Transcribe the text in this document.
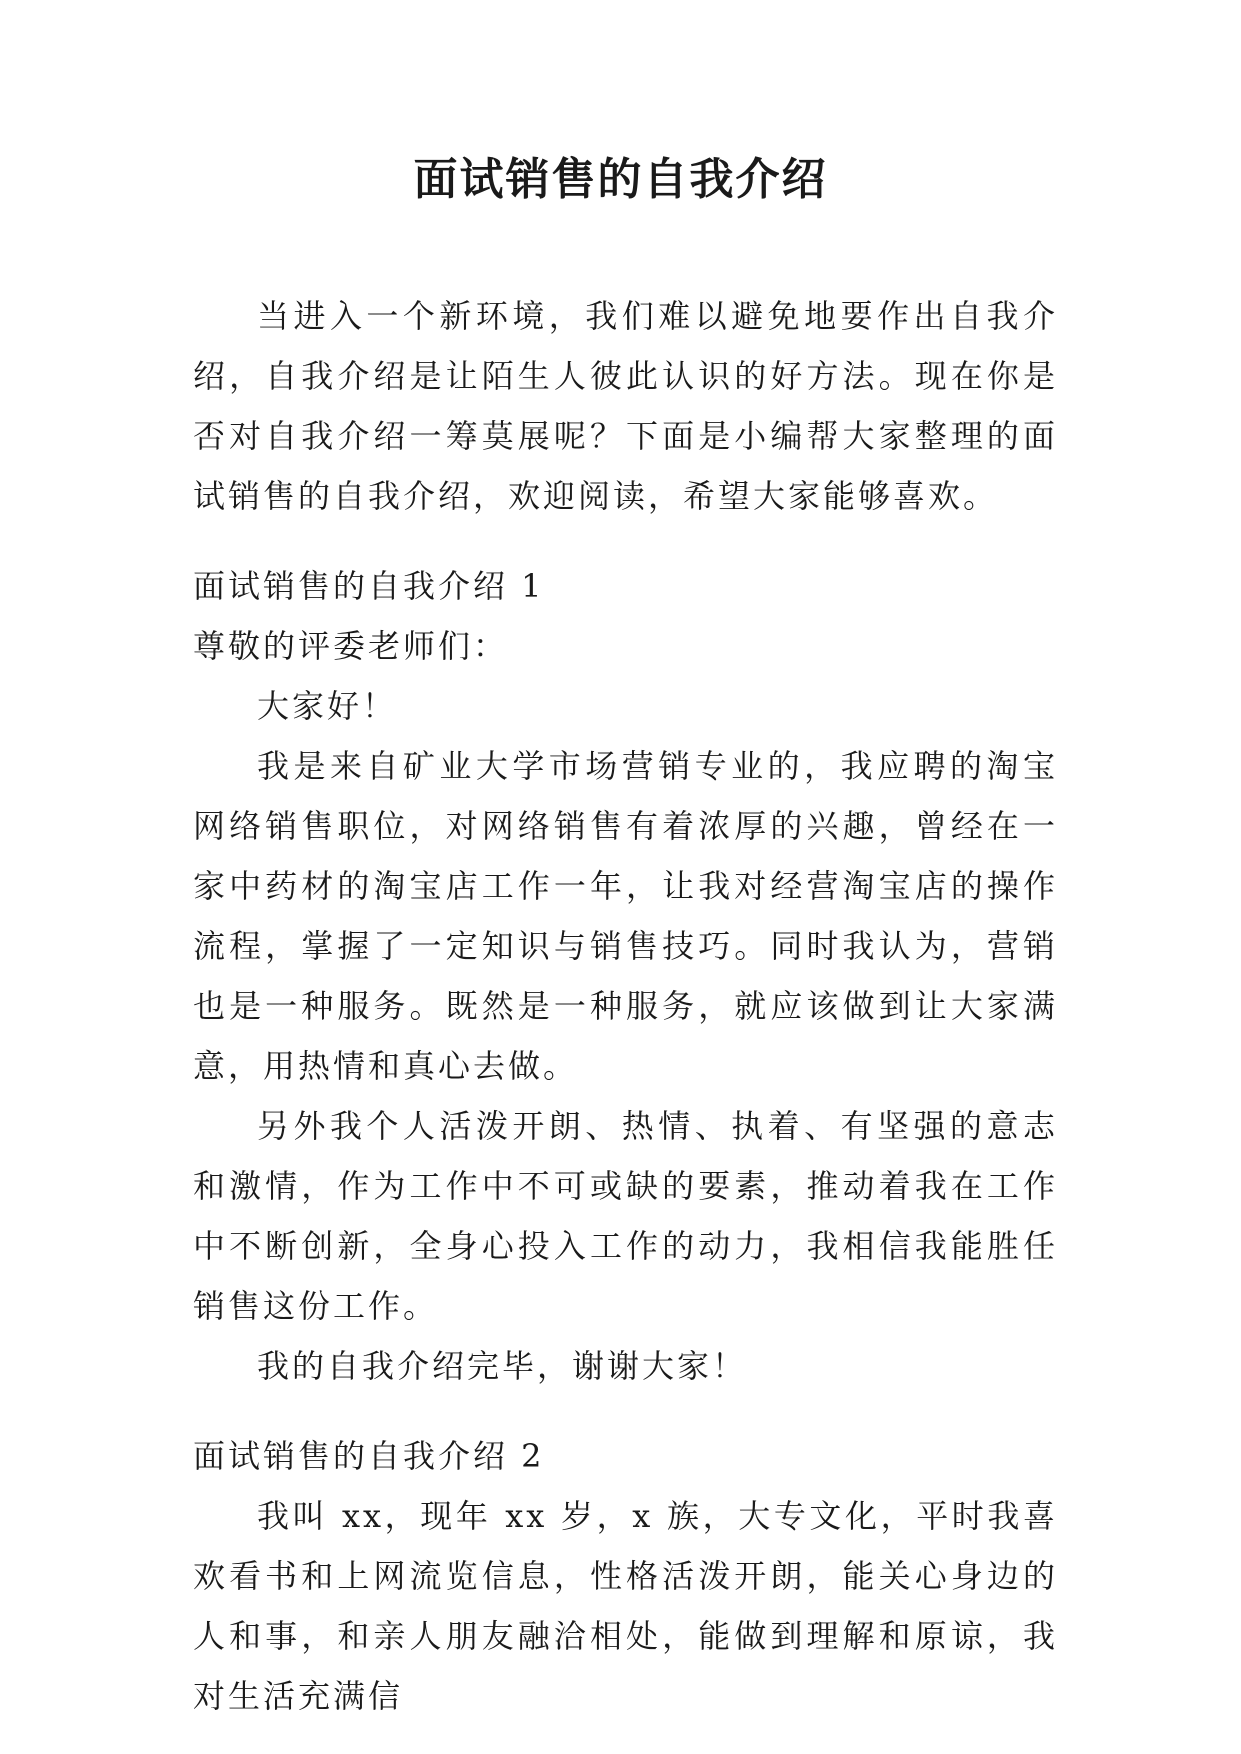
面试销售的自我介绍

当进入一个新环境，我们难以避免地要作出自我介绍，自我介绍是让陌生人彼此认识的好方法。现在你是否对自我介绍一筹莫展呢？下面是小编帮大家整理的面试销售的自我介绍，欢迎阅读，希望大家能够喜欢。

面试销售的自我介绍 1

尊敬的评委老师们：

大家好！

我是来自矿业大学市场营销专业的，我应聘的淘宝网络销售职位，对网络销售有着浓厚的兴趣，曾经在一家中药材的淘宝店工作一年，让我对经营淘宝店的操作流程，掌握了一定知识与销售技巧。同时我认为，营销也是一种服务。既然是一种服务，就应该做到让大家满意，用热情和真心去做。

另外我个人活泼开朗、热情、执着、有坚强的意志和激情，作为工作中不可或缺的要素，推动着我在工作中不断创新，全身心投入工作的动力，我相信我能胜任销售这份工作。

我的自我介绍完毕，谢谢大家！

面试销售的自我介绍 2

我叫 xx，现年 xx 岁，x 族，大专文化，平时我喜欢看书和上网流览信息，性格活泼开朗，能关心身边的人和事，和亲人朋友融洽相处，能做到理解和原谅，我对生活充满信
